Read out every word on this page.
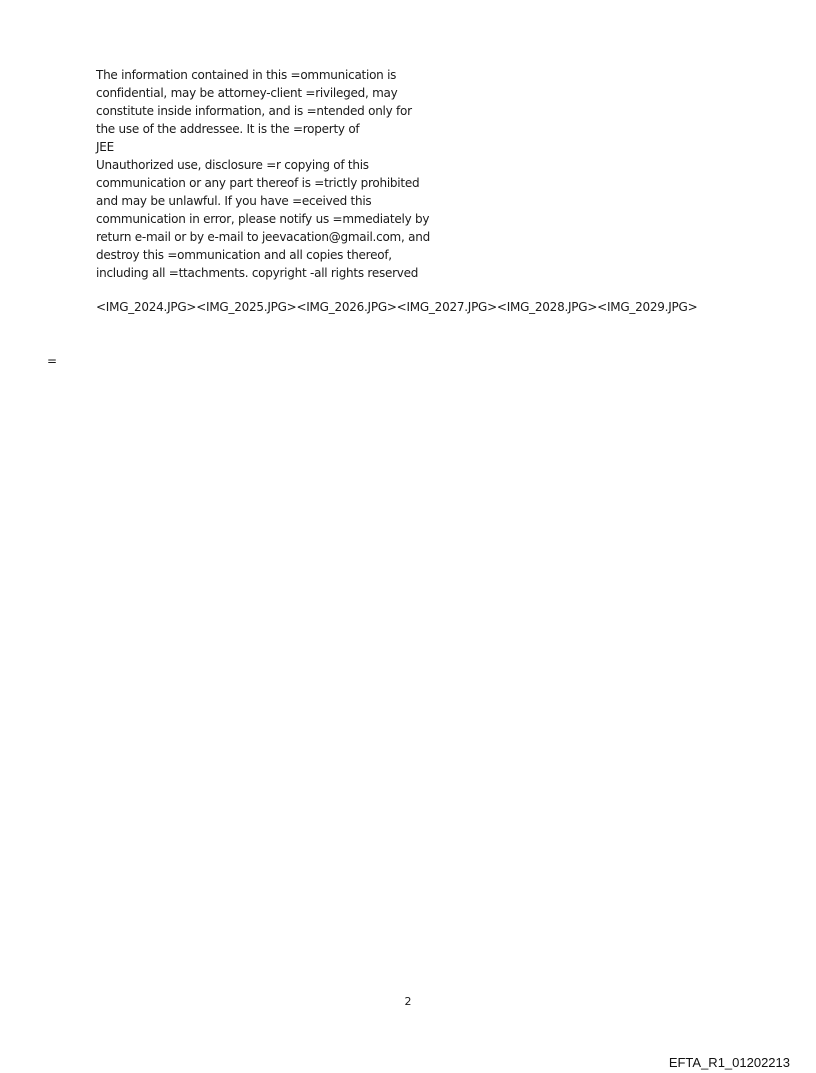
The information contained in this =ommunication is
confidential, may be attorney-client =rivileged, may
constitute inside information, and is =ntended only for
the use of the addressee. It is the =roperty of
JEE
Unauthorized use, disclosure =r copying of this
communication or any part thereof is =trictly prohibited
and may be unlawful. If you have =eceived this
communication in error, please notify us =mmediately by
return e-mail or by e-mail to jeevacation@gmail.com, and
destroy this =ommunication and all copies thereof,
including all =ttachments. copyright -all rights reserved
<IMG_2024.JPG><IMG_2025.JPG><IMG_2026.JPG><IMG_2027.JPG><IMG_2028.JPG><IMG_2029.JPG>
=
2
EFTA_R1_01202213
